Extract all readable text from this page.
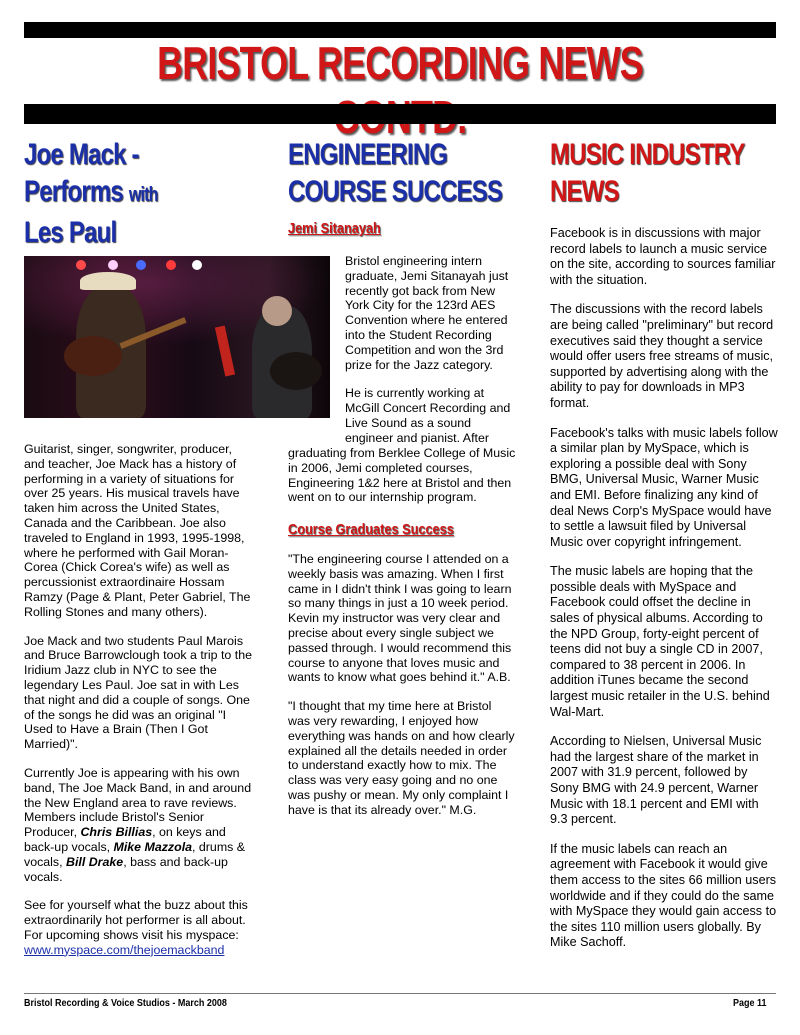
BRISTOL RECORDING NEWS
Joe Mack -
Performs with
Les Paul

Guitarist, singer, songwriter, producer, and teacher, Joe Mack has a history of performing in a variety of situations for over 25 years. His musical travels have taken him across the United States, Canada and the Caribbean. Joe also traveled to England in 1993, 1995-1998, where he performed with Gail Moran-Corea (Chick Corea's wife) as well as percussionist extraordinaire Hossam Ramzy (Page & Plant, Peter Gabriel, The Rolling Stones and many others).

Joe Mack and two students Paul Marois and Bruce Barrowclough took a trip to the Iridium Jazz club in NYC to see the legendary Les Paul. Joe sat in with Les that night and did a couple of songs. One of the songs he did was an original "I Used to Have a Brain (Then I Got Married)".

Currently Joe is appearing with his own band, The Joe Mack Band, in and around the New England area to rave reviews. Members include Bristol's Senior Producer, Chris Billias, on keys and back-up vocals, Mike Mazzola, drums & vocals, Bill Drake, bass and back-up vocals.

See for yourself what the buzz about this extraordinarily hot performer is all about. For upcoming shows visit his myspace:
www.myspace.com/thejoemackband

ENGINEERING
COURSE SUCCESS
Jemi Sitanayah

Bristol engineering intern graduate, Jemi Sitanayah just recently got back from New York City for the 123rd AES Convention where he entered into the Student Recording Competition and won the 3rd prize for the Jazz category.

He is currently working at McGill Concert Recording and Live Sound as a sound engineer and pianist. After

graduating from Berklee College of Music in 2006, Jemi completed courses, Engineering 1&2 here at Bristol and then went on to our internship program.

Course Graduates Success

"The engineering course I attended on a weekly basis was amazing. When I first came in I didn't think I was going to learn so many things in just a 10 week period. Kevin my instructor was very clear and precise about every single subject we passed through. I would recommend this course to anyone that loves music and wants to know what goes behind it." A.B.

"I thought that my time here at Bristol was very rewarding, I enjoyed how everything was hands on and how clearly explained all the details needed in order to understand exactly how to mix. The class was very easy going and no one was pushy or mean. My only complaint I have is that its already over." M.G.

MUSIC INDUSTRY
NEWS

Facebook is in discussions with major record labels to launch a music service on the site, according to sources familiar with the situation.

The discussions with the record labels are being called "preliminary" but record executives said they thought a service would offer users free streams of music, supported by advertising along with the ability to pay for downloads in MP3 format.

Facebook's talks with music labels follow a similar plan by MySpace, which is exploring a possible deal with Sony BMG, Universal Music, Warner Music and EMI. Before finalizing any kind of deal News Corp's MySpace would have to settle a lawsuit filed by Universal Music over copyright infringement.

The music labels are hoping that the possible deals with MySpace and Facebook could offset the decline in sales of physical albums. According to the NPD Group, forty-eight percent of teens did not buy a single CD in 2007, compared to 38 percent in 2006. In addition iTunes became the second largest music retailer in the U.S. behind Wal-Mart.

According to Nielsen, Universal Music had the largest share of the market in 2007 with 31.9 percent, followed by Sony BMG with 24.9 percent, Warner Music with 18.1 percent and EMI with 9.3 percent.

If the music labels can reach an agreement with Facebook it would give them access to the sites 66 million users worldwide and if they could do the same with MySpace they would gain access to the sites 110 million users globally. By Mike Sachoff.

Bristol Recording & Voice Studios - March 2008	Page 11
